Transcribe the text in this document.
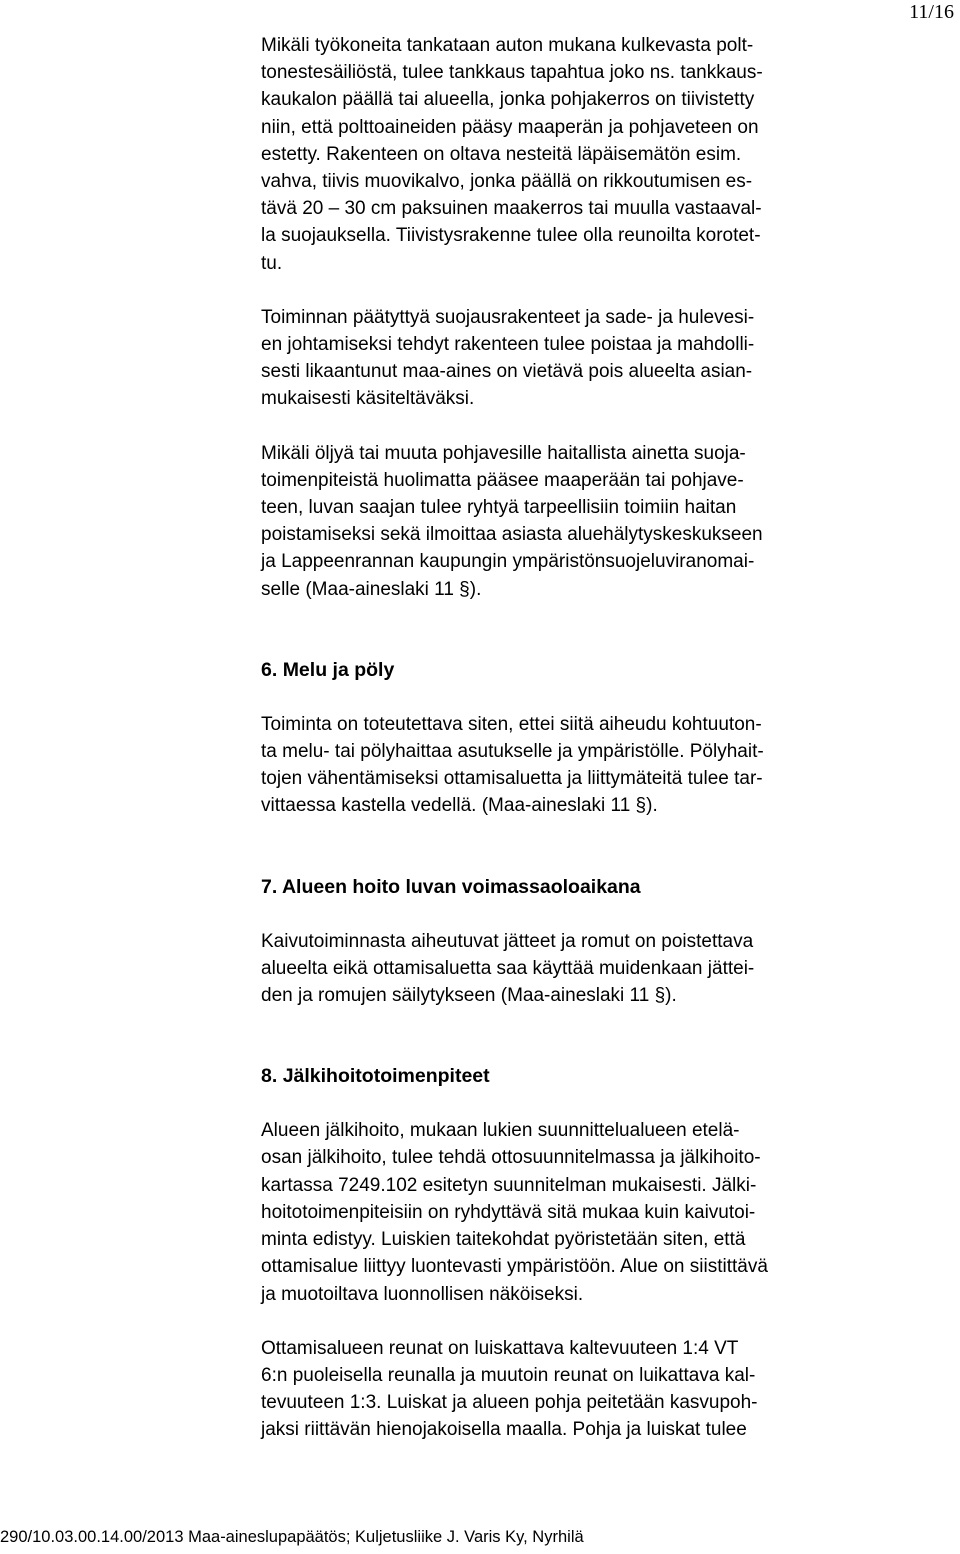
11/16

Mikäli työkoneita tankataan auton mukana kulkevasta polt-
tonestesäiliöstä, tulee tankkaus tapahtua joko ns. tankkaus-
kaukalon päällä tai alueella, jonka pohjakerros on tiivistetty
niin, että polttoaineiden pääsy maaperän ja pohjaveteen on
estetty. Rakenteen on oltava nesteitä läpäisemätön esim.
vahva, tiivis muovikalvo, jonka päällä on rikkoutumisen es-
tävä 20 – 30 cm paksuinen maakerros tai muulla vastaaval-
la suojauksella. Tiivistysrakenne tulee olla reunoilta korotet-
tu.

Toiminnan päätyttyä suojausrakenteet ja sade- ja hulevesi-
en johtamiseksi tehdyt rakenteen tulee poistaa ja mahdolli-
sesti likaantunut maa-aines on vietävä pois alueelta asian-
mukaisesti käsiteltäväksi.

Mikäli öljyä tai muuta pohjavesille haitallista ainetta suoja-
toimenpiteistä huolimatta pääsee maaperään tai pohjave-
teen, luvan saajan tulee ryhtyä tarpeellisiin toimiin haitan
poistamiseksi sekä ilmoittaa asiasta aluehälytyskeskukseen
ja Lappeenrannan kaupungin ympäristönsuojeluviranomai-
selle (Maa-aineslaki 11 §).

6. Melu ja pöly

Toiminta on toteutettava siten, ettei siitä aiheudu kohtuuton-
ta melu- tai pölyhaittaa asutukselle ja ympäristölle. Pölyhait-
tojen vähentämiseksi ottamisaluetta ja liittymäteitä tulee tar-
vittaessa kastella vedellä. (Maa-aineslaki 11 §).

7. Alueen hoito luvan voimassaoloaikana

Kaivutoiminnasta aiheutuvat jätteet ja romut on poistettava
alueelta eikä ottamisaluetta saa käyttää muidenkaan jättei-
den ja romujen säilytykseen (Maa-aineslaki 11 §).

8. Jälkihoitotoimenpiteet

Alueen jälkihoito, mukaan lukien suunnittelualueen etelä-
osan jälkihoito, tulee tehdä ottosuunnitelmassa ja jälkihoito-
kartassa 7249.102 esitetyn suunnitelman mukaisesti. Jälki-
hoitotoimenpiteisiin on ryhdyttävä sitä mukaa kuin kaivutoi-
minta edistyy. Luiskien taitekohdat pyöristetään siten, että
ottamisalue liittyy luontevasti ympäristöön. Alue on siistittävä
ja muotoiltava luonnollisen näköiseksi.

Ottamisalueen reunat on luiskattava kaltevuuteen 1:4 VT
6:n puoleisella reunalla ja muutoin reunat on luikattava kal-
tevuuteen 1:3. Luiskat ja alueen pohja peitetään kasvupoh-
jaksi riittävän hienojakoisella maalla. Pohja ja luiskat tulee

290/10.03.00.14.00/2013 Maa-aineslupapäätös; Kuljetusliike J. Varis Ky, Nyrhilä
